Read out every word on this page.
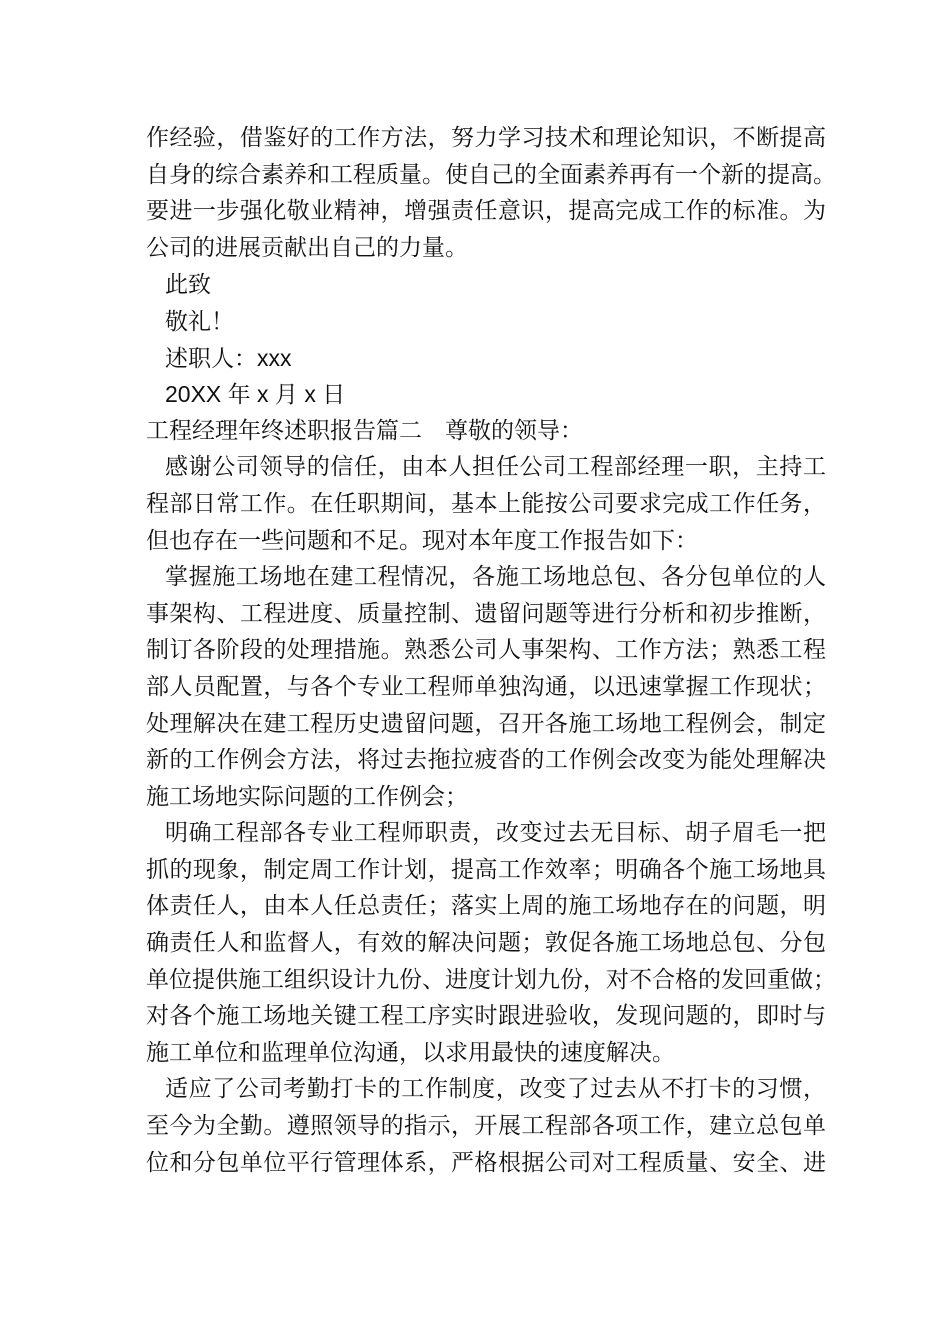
作经验，借鉴好的工作方法，努力学习技术和理论知识，不断提高
自身的综合素养和工程质量。使自己的全面素养再有一个新的提高。
要进一步强化敬业精神，增强责任意识，提高完成工作的标准。为
公司的进展贡献出自己的力量。
此致
敬礼！
述职人：xxx
20XX 年 x 月 x 日
工程经理年终述职报告篇二　尊敬的领导：
感谢公司领导的信任，由本人担任公司工程部经理一职，主持工
程部日常工作。在任职期间，基本上能按公司要求完成工作任务，
但也存在一些问题和不足。现对本年度工作报告如下：
掌握施工场地在建工程情况，各施工场地总包、各分包单位的人
事架构、工程进度、质量控制、遗留问题等进行分析和初步推断，
制订各阶段的处理措施。熟悉公司人事架构、工作方法；熟悉工程
部人员配置，与各个专业工程师单独沟通，以迅速掌握工作现状；
处理解决在建工程历史遗留问题，召开各施工场地工程例会，制定
新的工作例会方法，将过去拖拉疲沓的工作例会改变为能处理解决
施工场地实际问题的工作例会；
明确工程部各专业工程师职责，改变过去无目标、胡子眉毛一把
抓的现象，制定周工作计划，提高工作效率；明确各个施工场地具
体责任人，由本人任总责任；落实上周的施工场地存在的问题，明
确责任人和监督人，有效的解决问题；敦促各施工场地总包、分包
单位提供施工组织设计九份、进度计划九份，对不合格的发回重做；
对各个施工场地关键工程工序实时跟进验收，发现问题的，即时与
施工单位和监理单位沟通，以求用最快的速度解决。
适应了公司考勤打卡的工作制度，改变了过去从不打卡的习惯，
至今为全勤。遵照领导的指示，开展工程部各项工作，建立总包单
位和分包单位平行管理体系，严格根据公司对工程质量、安全、进
